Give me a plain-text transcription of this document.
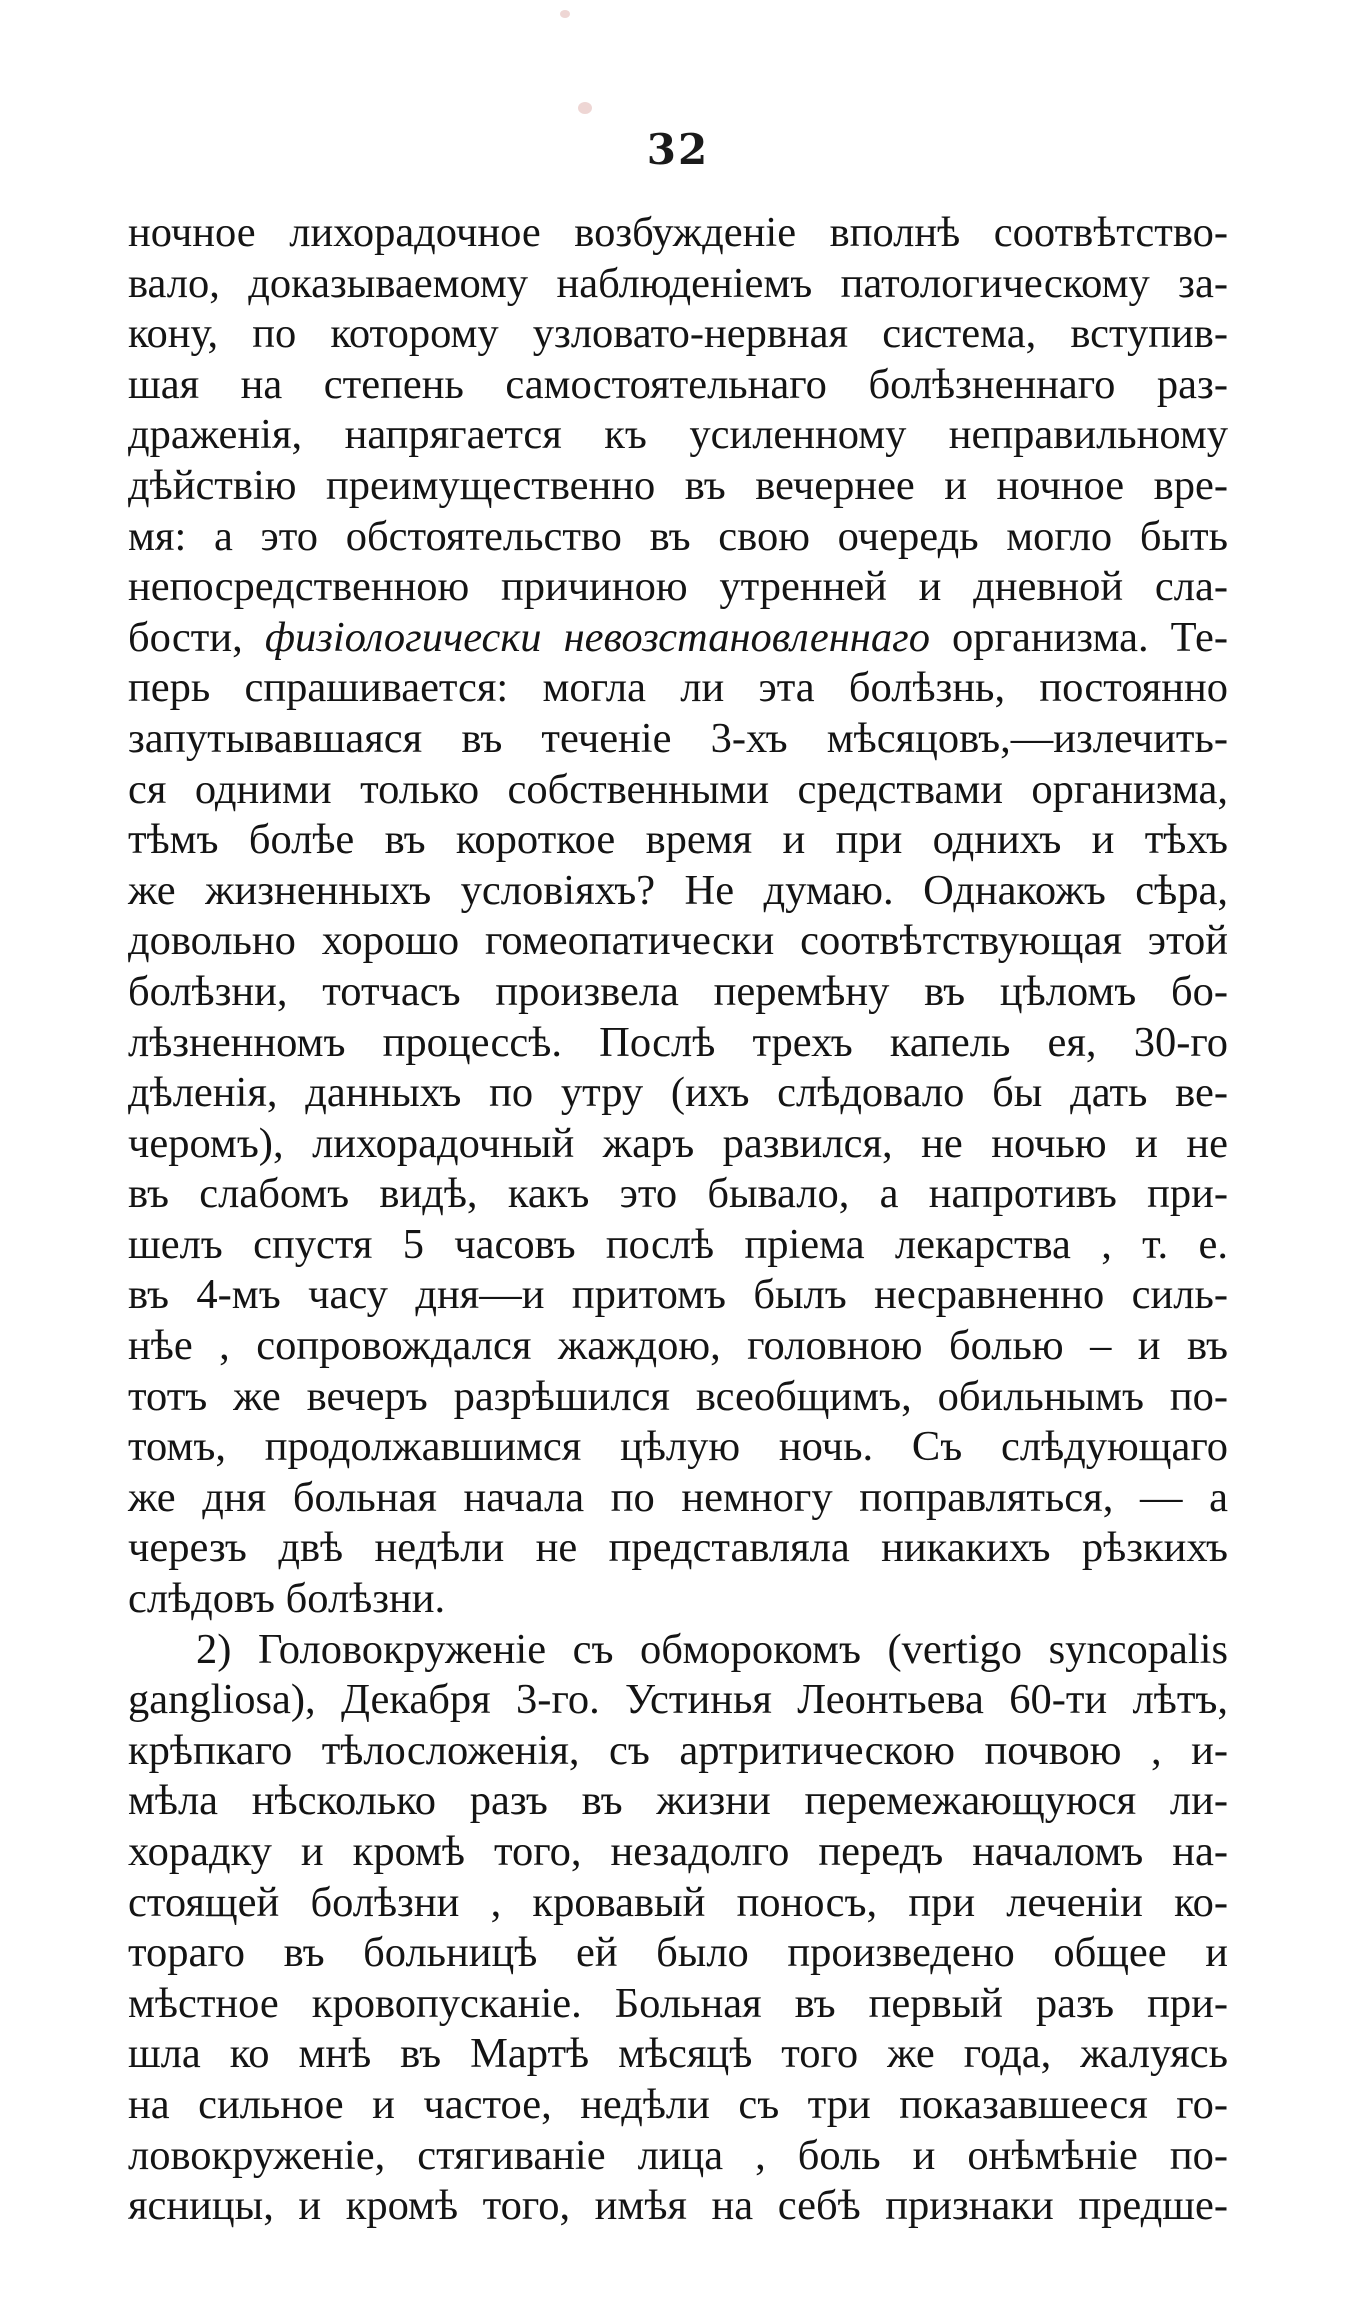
32
ночное лихорадочное возбужденіе вполнѣ соотвѣтство-
вало, доказываемому наблюденіемъ патологическому за-
кону, по которому узловато-нервная система, вступив-
шая на степень самостоятельнаго болѣзненнаго раз-
драженія, напрягается къ усиленному неправильному
дѣйствію преимущественно въ вечернее и ночное вре-
мя: а это обстоятельство въ свою очередь могло быть
непосредственною причиною утренней и дневной сла-
бости, физіологически невозстановленнаго организма. Те-
перь спрашивается: могла ли эта болѣзнь, постоянно
запутывавшаяся въ теченіе 3-хъ мѣсяцовъ,—излечить-
ся одними только собственными средствами организма,
тѣмъ болѣе въ короткое время и при однихъ и тѣхъ
же жизненныхъ условіяхъ? Не думаю. Однакожъ сѣра,
довольно хорошо гомеопатически соотвѣтствующая этой
болѣзни, тотчасъ произвела перемѣну въ цѣломъ бо-
лѣзненномъ процессѣ. Послѣ трехъ капель ея, 30-го
дѣленія, данныхъ по утру (ихъ слѣдовало бы дать ве-
черомъ), лихорадочный жаръ развился, не ночью и не
въ слабомъ видѣ, какъ это бывало, а напротивъ при-
шелъ спустя 5 часовъ послѣ пріема лекарства , т. е.
въ 4-мъ часу дня—и притомъ былъ несравненно силь-
нѣе , сопровождался жаждою, головною болью – и въ
тотъ же вечеръ разрѣшился всеобщимъ, обильнымъ по-
томъ, продолжавшимся цѣлую ночь. Съ слѣдующаго
же дня больная начала по немногу поправляться, — а
черезъ двѣ недѣли не представляла никакихъ рѣзкихъ
слѣдовъ болѣзни.
2) Головокруженіе съ обморокомъ (vertigo syncopalis
gangliosa), Декабря 3-го. Устинья Леонтьева 60-ти лѣтъ,
крѣпкаго тѣлосложенія, съ артритическою почвою , и-
мѣла нѣсколько разъ въ жизни перемежающуюся ли-
хорадку и кромѣ того, незадолго передъ началомъ на-
стоящей болѣзни , кровавый поносъ, при леченіи ко-
тораго въ больницѣ ей было произведено общее и
мѣстное кровопусканіе. Больная въ первый разъ при-
шла ко мнѣ въ Мартѣ мѣсяцѣ того же года, жалуясь
на сильное и частое, недѣли съ три показавшееся го-
ловокруженіе, стягиваніе лица , боль и онѣмѣніе по-
ясницы, и кромѣ того, имѣя на себѣ признаки предше-
